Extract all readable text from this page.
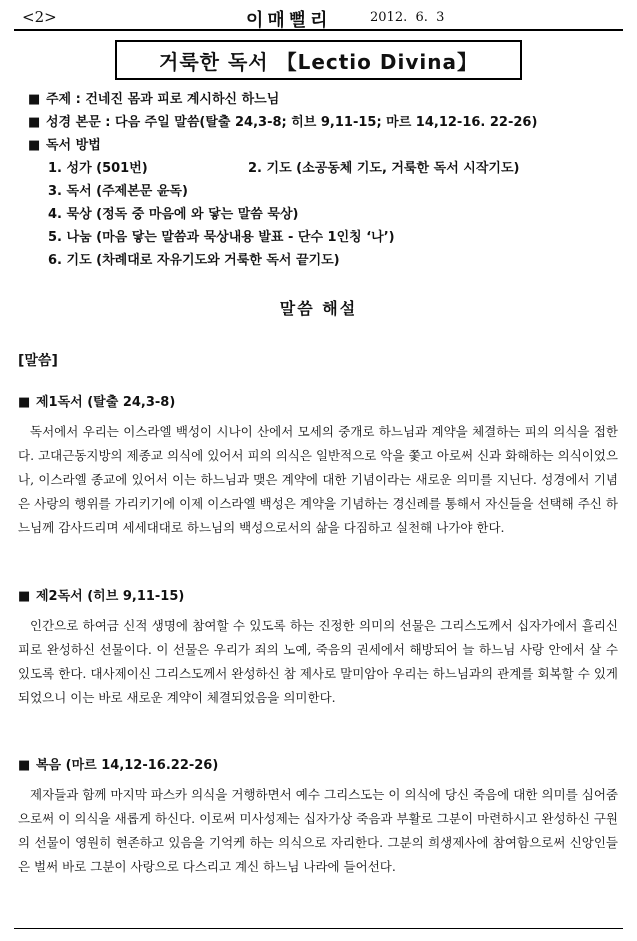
<2>	이매뻘리	2012.  6.  3
거룩한 독서 【Lectio Divina】
■ 주제 : 건네진 몸과 피로 계시하신 하느님
■ 성경 본문 : 다음 주일 말씀(탈출 24,3-8; 히브 9,11-15; 마르 14,12-16. 22-26)
■ 독서 방법
1. 성가 (501번)	2. 기도 (소공동체 기도, 거룩한 독서 시작기도)
3. 독서 (주제본문 윤독)
4. 묵상 (정독 중 마음에 와 닿는 말씀 묵상)
5. 나눔 (마음 닿는 말씀과 묵상내용 발표 - 단수 1인칭 ‘나’)
6. 기도 (차례대로 자유기도와 거룩한 독서 끝기도)
말씀 해설
[말씀]
■ 제1독서 (탈출 24,3-8)
독서에서 우리는 이스라엘 백성이 시나이 산에서 모세의 중개로 하느님과 계약을 체결하는 피의 의식을 접한다. 고대근동지방의 제종교 의식에 있어서 피의 의식은 일반적으로 악을 쫓고 아로써 신과 화해하는 의식이었으나, 이스라엘 종교에 있어서 이는 하느님과 맺은 계약에 대한 기념이라는 새로운 의미를 지닌다. 성경에서 기념은 사랑의 행위를 가리키기에 이제 이스라엘 백성은 계약을 기념하는 경신례를 통해서 자신들을 선택해 주신 하느님께 감사드리며 세세대대로 하느님의 백성으로서의 삶을 다짐하고 실천해 나가야 한다.
■ 제2독서 (히브 9,11-15)
인간으로 하여금 신적 생명에 참여할 수 있도록 하는 진정한 의미의 선물은 그리스도께서 십자가에서 흘리신 피로 완성하신 선물이다. 이 선물은 우리가 죄의 노예, 죽음의 권세에서 해방되어 늘 하느님 사랑 안에서 살 수 있도록 한다. 대사제이신 그리스도께서 완성하신 참 제사로 말미암아 우리는 하느님과의 관계를 회복할 수 있게 되었으니 이는 바로 새로운 계약이 체결되었음을 의미한다.
■ 복음 (마르 14,12-16.22-26)
제자들과 함께 마지막 파스카 의식을 거행하면서 예수 그리스도는 이 의식에 당신 죽음에 대한 의미를 심어줌으로써 이 의식을 새롭게 하신다. 이로써 미사성제는 십자가상 죽음과 부활로 그분이 마련하시고 완성하신 구원의 선물이 영원히 현존하고 있음을 기억케 하는 의식으로 자리한다. 그분의 희생제사에 참여함으로써 신앙인들은 벌써 바로 그분이 사랑으로 다스리고 계신 하느님 나라에 들어선다.
